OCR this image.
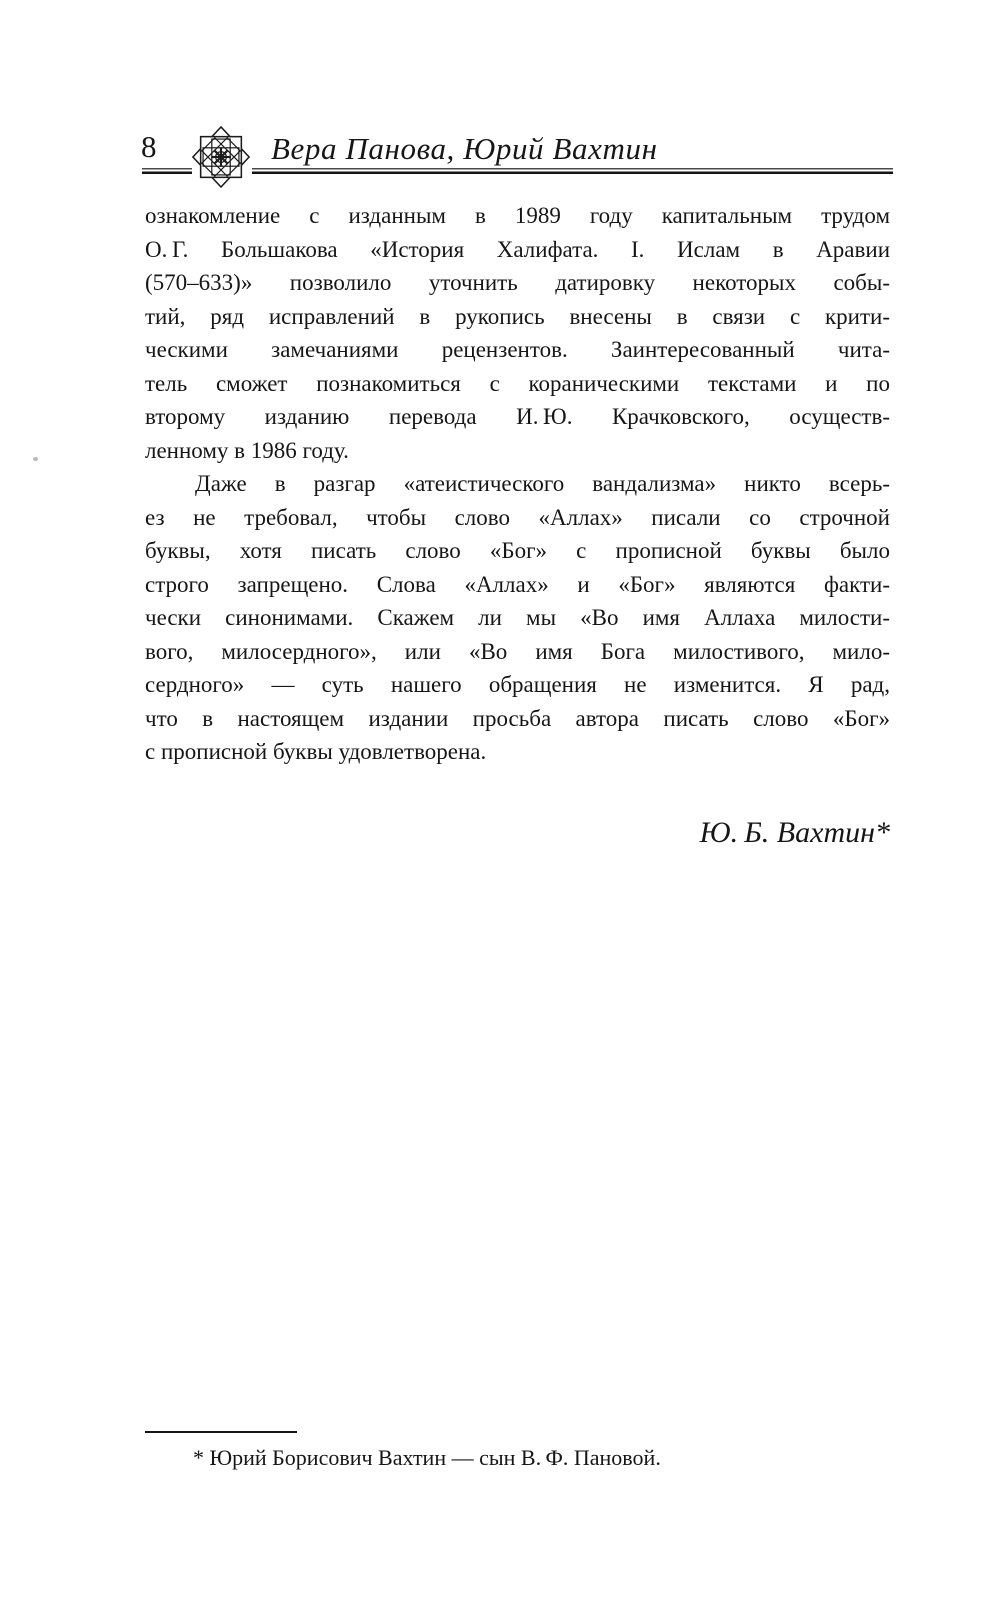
8	Вера Панова, Юрий Вахтин
ознакомление с изданным в 1989 году капитальным трудом
О. Г. Большакова «История Халифата. I. Ислам в Аравии
(570–633)» позволило уточнить датировку некоторых собы-
тий, ряд исправлений в рукопись внесены в связи с крити-
ческими замечаниями рецензентов. Заинтересованный чита-
тель сможет познакомиться с кораническими текстами и по
второму изданию перевода И. Ю. Крачковского, осуществ-
ленному в 1986 году.
Даже в разгар «атеистического вандализма» никто всерь-
ез не требовал, чтобы слово «Аллах» писали со строчной
буквы, хотя писать слово «Бог» с прописной буквы было
строго запрещено. Слова «Аллах» и «Бог» являются факти-
чески синонимами. Скажем ли мы «Во имя Аллаха милости-
вого, милосердного», или «Во имя Бога милостивого, мило-
сердного» — суть нашего обращения не изменится. Я рад,
что в настоящем издании просьба автора писать слово «Бог»
с прописной буквы удовлетворена.
Ю. Б. Вахтин*
* Юрий Борисович Вахтин — сын В. Ф. Пановой.
